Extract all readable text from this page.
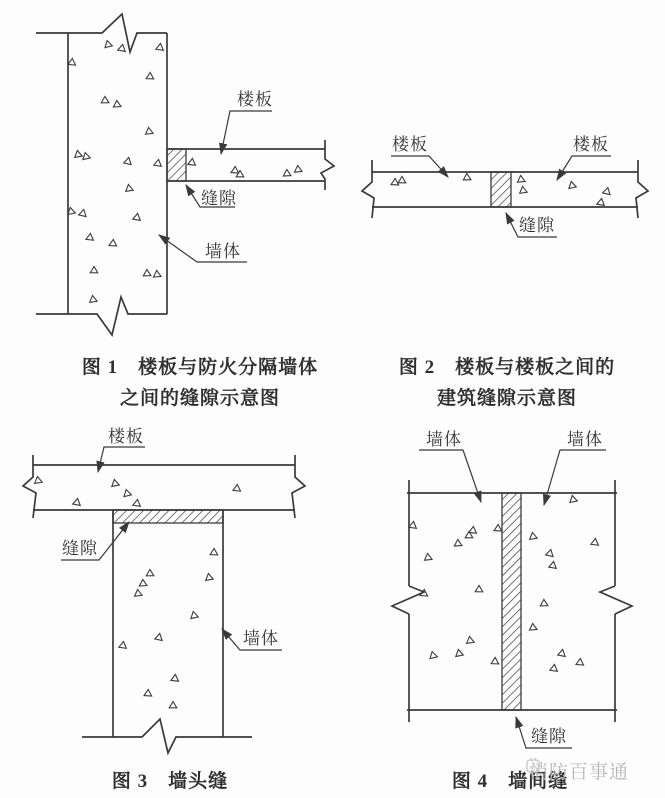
楼板
缝隙
墙体
楼板	楼板
缝隙
楼板
缝隙
墙体
墙体	墙体
缝隙
图 1　楼板与防火分隔墙体
之间的缝隙示意图
图 2　楼板与楼板之间的
建筑缝隙示意图
图 3　墙头缝	图 4　墙间缝
消防百事通
